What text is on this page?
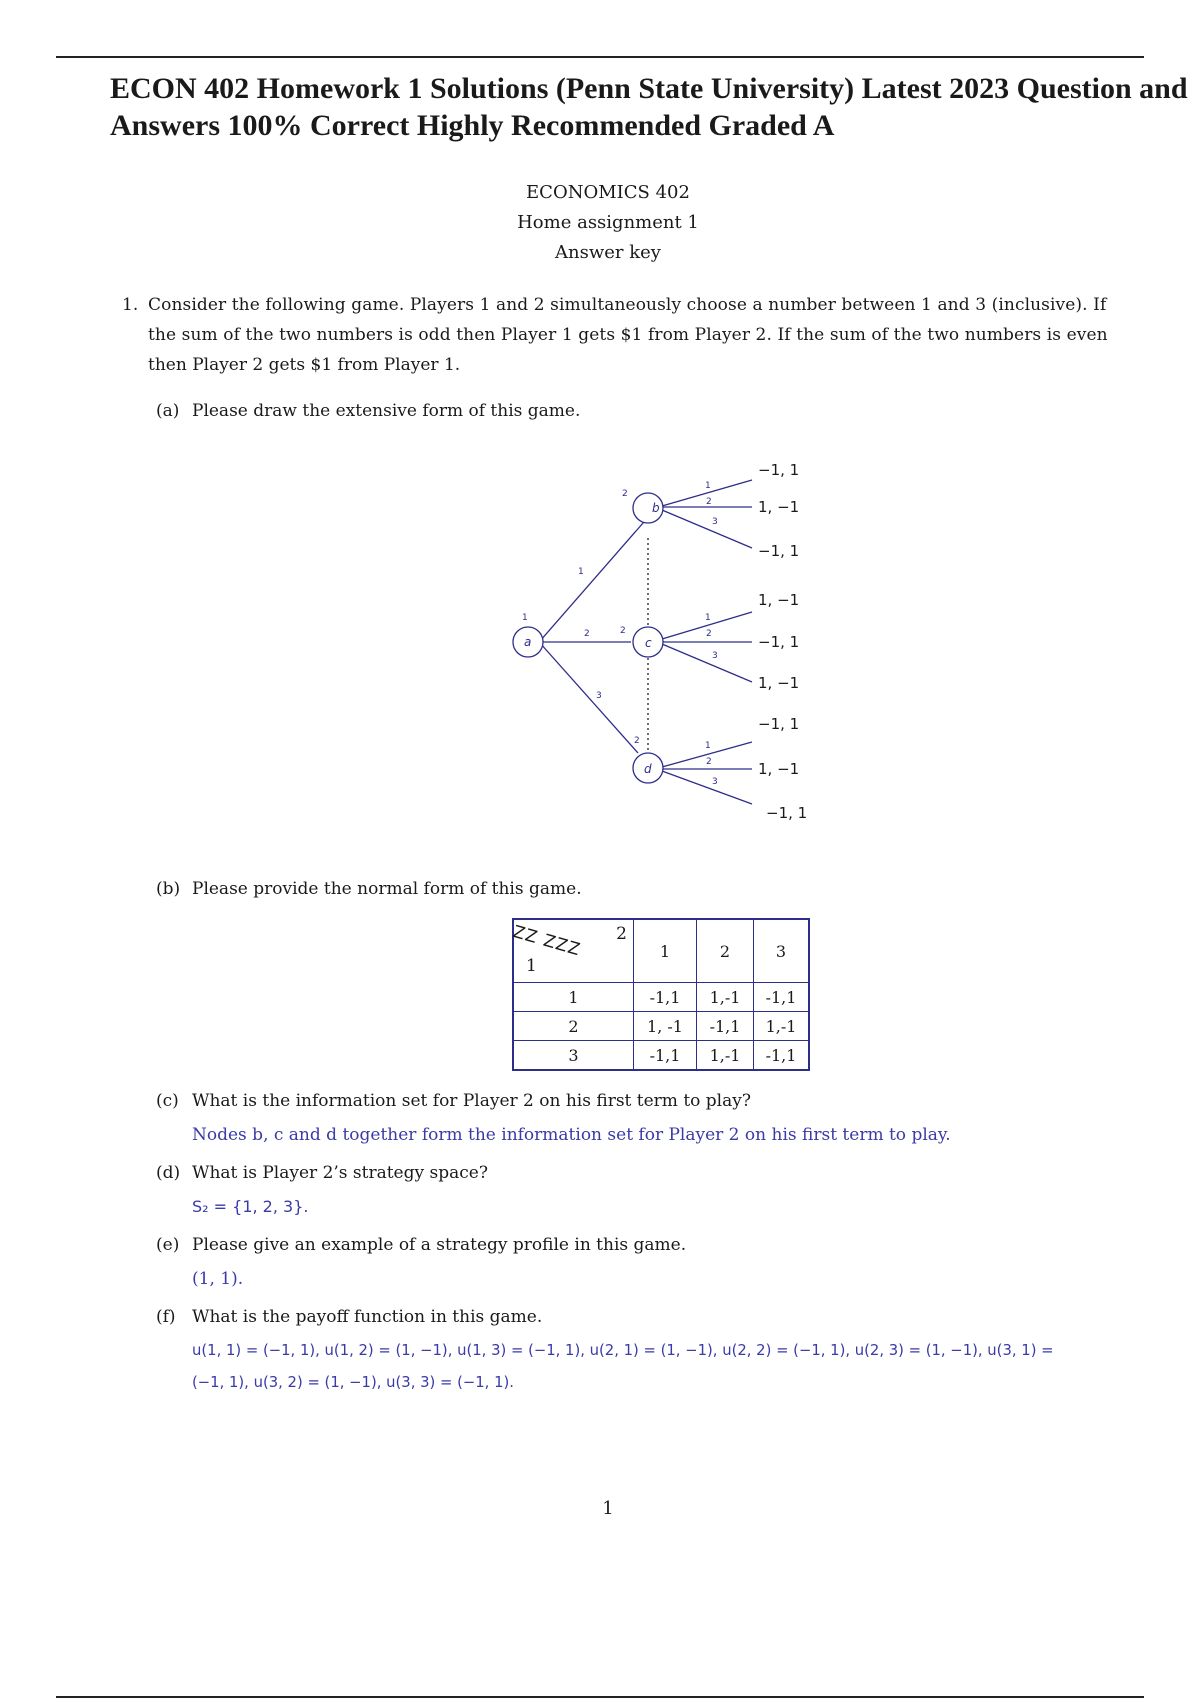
ECON 402 Homework 1 Solutions (Penn State University) Latest 2023 Question and Answers 100% Correct Highly Recommended Graded A
ECONOMICS 402
Home assignment 1
Answer key
1. Consider the following game. Players 1 and 2 simultaneously choose a number between 1 and 3 (inclusive). If
the sum of the two numbers is odd then Player 1 gets $1 from Player 2. If the sum of the two numbers is even
then Player 2 gets $1 from Player 1.
(a) Please draw the extensive form of this game.
a
b
c
d
1
2
2
2
1
2
3
1
2
3
1
2
3
1
2
3
−1, 1
1, −1
−1, 1
1, −1
−1, 1
1, −1
−1, 1
1, −1
−1, 1
(b) Please provide the normal form of this game.
ZZ ZZZ 2
1	1	2	3
1	-1,1	1,-1	-1,1
2	1, -1	-1,1	1,-1
3	-1,1	1,-1	-1,1
(c) What is the information set for Player 2 on his first term to play?
Nodes b, c and d together form the information set for Player 2 on his first term to play.
(d) What is Player 2’s strategy space?
S₂ = {1, 2, 3}.
(e) Please give an example of a strategy profile in this game.
(1, 1).
(f) What is the payoff function in this game.
u(1, 1) = (−1, 1), u(1, 2) = (1, −1), u(1, 3) = (−1, 1), u(2, 1) = (1, −1), u(2, 2) = (−1, 1), u(2, 3) = (1, −1), u(3, 1) =
(−1, 1), u(3, 2) = (1, −1), u(3, 3) = (−1, 1).
1
